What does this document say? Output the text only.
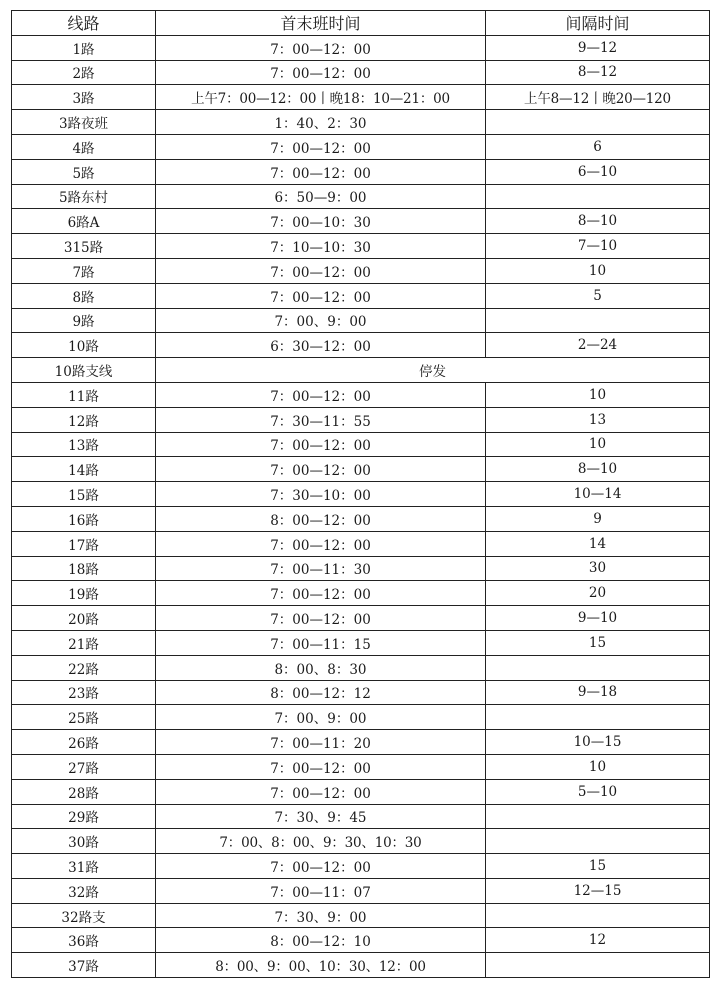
线路	首末班时间	间隔时间
1路	7：00—12：00	9—12
2路	7：00—12：00	8—12
3路	上午7：00—12：00丨晚18：10—21：00	上午8—12丨晚20—120
3路夜班	1：40、2：30	
4路	7：00—12：00	6
5路	7：00—12：00	6—10
5路东村	6：50—9：00	
6路A	7：00—10：30	8—10
315路	7：10—10：30	7—10
7路	7：00—12：00	10
8路	7：00—12：00	5
9路	7：00、9：00	
10路	6：30—12：00	2—24
10路支线	停发	
11路	7：00—12：00	10
12路	7：30—11：55	13
13路	7：00—12：00	10
14路	7：00—12：00	8—10
15路	7：30—10：00	10—14
16路	8：00—12：00	9
17路	7：00—12：00	14
18路	7：00—11：30	30
19路	7：00—12：00	20
20路	7：00—12：00	9—10
21路	7：00—11：15	15
22路	8：00、8：30	
23路	8：00—12：12	9—18
25路	7：00、9：00	
26路	7：00—11：20	10—15
27路	7：00—12：00	10
28路	7：00—12：00	5—10
29路	7：30、9：45	
30路	7：00、8：00、9：30、10：30	
31路	7：00—12：00	15
32路	7：00—11：07	12—15
32路支	7：30、9：00	
36路	8：00—12：10	12
37路	8：00、9：00、10：30、12：00	
